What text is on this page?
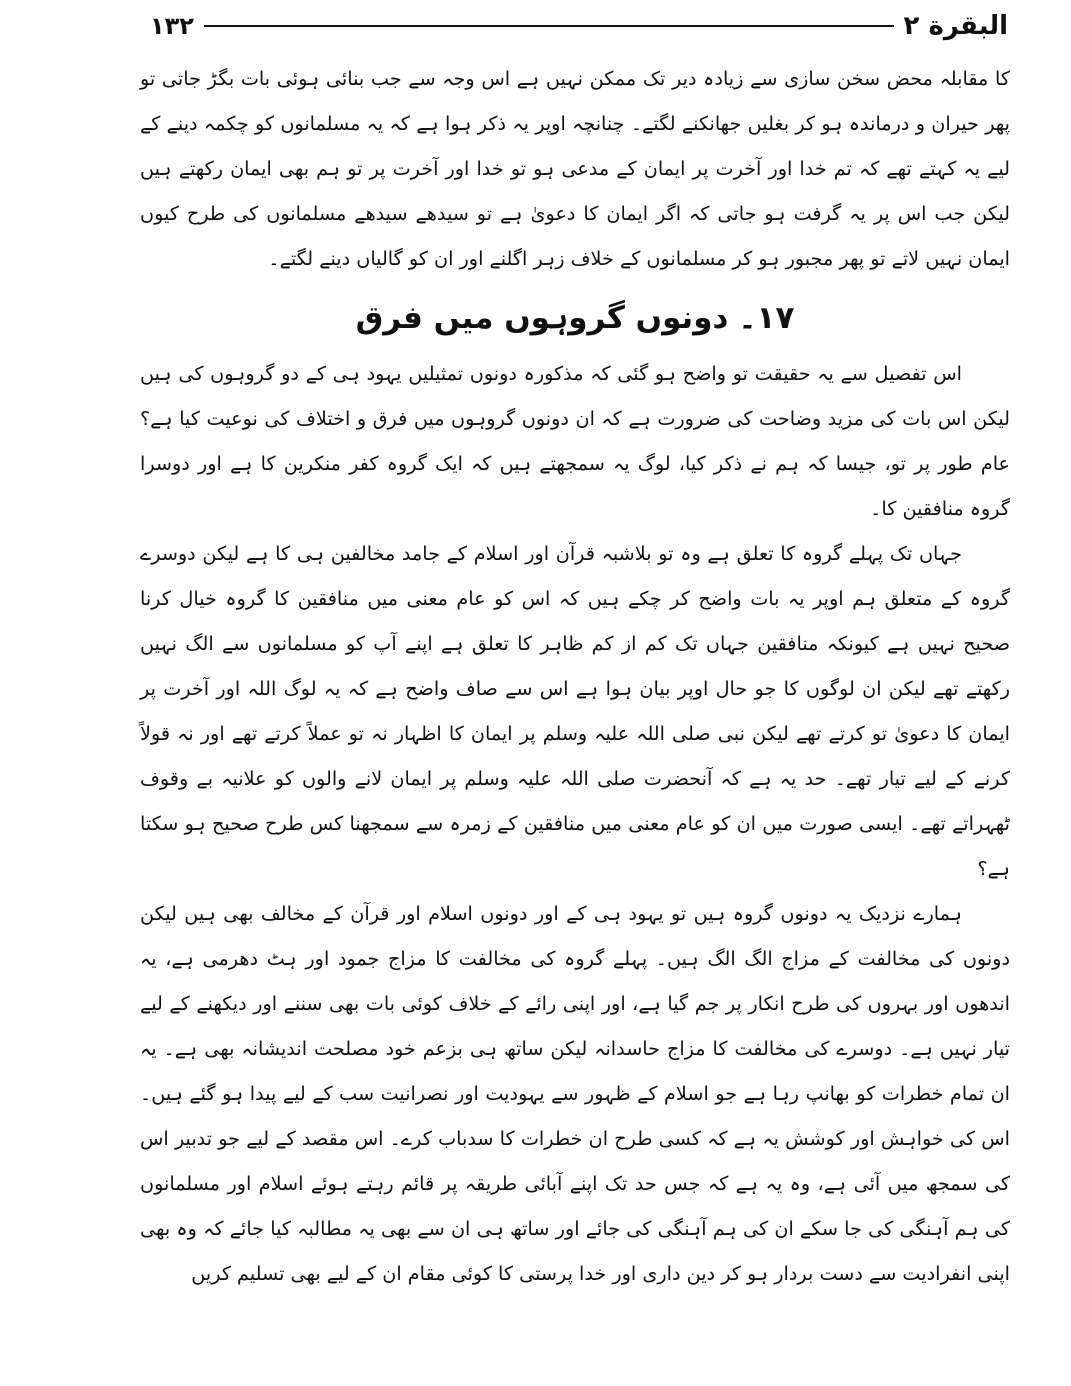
البقرة ۲
۱۳۲

کا مقابلہ محض سخن سازی سے زیادہ دیر تک ممکن نہیں ہے اس وجہ سے جب بنائی ہوئی بات بگڑ جاتی تو پھر حیران و درماندہ ہو کر بغلیں جھانکنے لگتے۔ چنانچہ اوپر یہ ذکر ہوا ہے کہ یہ مسلمانوں کو چکمہ دینے کے لیے یہ کہتے تھے کہ تم خدا اور آخرت پر ایمان کے مدعی ہو تو خدا اور آخرت پر تو ہم بھی ایمان رکھتے ہیں لیکن جب اس پر یہ گرفت ہو جاتی کہ اگر ایمان کا دعویٰ ہے تو سیدھے سیدھے مسلمانوں کی طرح کیوں ایمان نہیں لاتے تو پھر مجبور ہو کر مسلمانوں کے خلاف زہر اگلنے اور ان کو گالیاں دینے لگتے۔

۱۷۔دونوں گروہوں میں فرق

اس تفصیل سے یہ حقیقت تو واضح ہو گئی کہ مذکورہ دونوں تمثیلیں یہود ہی کے دو گروہوں کی ہیں لیکن اس بات کی مزید وضاحت کی ضرورت ہے کہ ان دونوں گروہوں میں فرق و اختلاف کی نوعیت کیا ہے؟ عام طور پر تو، جیسا کہ ہم نے ذکر کیا، لوگ یہ سمجھتے ہیں کہ ایک گروہ کفر منکرین کا ہے اور دوسرا گروہ منافقین کا۔

جہاں تک پہلے گروہ کا تعلق ہے وہ تو بلاشبہ قرآن اور اسلام کے جامد مخالفین ہی کا ہے لیکن دوسرے گروہ کے متعلق ہم اوپر یہ بات واضح کر چکے ہیں کہ اس کو عام معنی میں منافقین کا گروہ خیال کرنا صحیح نہیں ہے کیونکہ منافقین جہاں تک کم از کم ظاہر کا تعلق ہے اپنے آپ کو مسلمانوں سے الگ نہیں رکھتے تھے لیکن ان لوگوں کا جو حال اوپر بیان ہوا ہے اس سے صاف واضح ہے کہ یہ لوگ اللہ اور آخرت پر ایمان کا دعویٰ تو کرتے تھے لیکن نبی صلی اللہ علیہ وسلم پر ایمان کا اظہار نہ تو عملاً کرتے تھے اور نہ قولاً کرنے کے لیے تیار تھے۔ حد یہ ہے کہ آنحضرت صلی اللہ علیہ وسلم پر ایمان لانے والوں کو علانیہ بے وقوف ٹھہراتے تھے۔ ایسی صورت میں ان کو عام معنی میں منافقین کے زمرہ سے سمجھنا کس طرح صحیح ہو سکتا ہے؟

ہمارے نزدیک یہ دونوں گروہ ہیں تو یہود ہی کے اور دونوں اسلام اور قرآن کے مخالف بھی ہیں لیکن دونوں کی مخالفت کے مزاج الگ الگ ہیں۔ پہلے گروہ کی مخالفت کا مزاج جمود اور ہٹ دھرمی ہے، یہ اندھوں اور بہروں کی طرح انکار پر جم گیا ہے، اور اپنی رائے کے خلاف کوئی بات بھی سننے اور دیکھنے کے لیے تیار نہیں ہے۔ دوسرے کی مخالفت کا مزاج حاسدانہ لیکن ساتھ ہی بزعم خود مصلحت اندیشانہ بھی ہے۔ یہ ان تمام خطرات کو بھانپ رہا ہے جو اسلام کے ظہور سے یہودیت اور نصرانیت سب کے لیے پیدا ہو گئے ہیں۔ اس کی خواہش اور کوشش یہ ہے کہ کسی طرح ان خطرات کا سدباب کرے۔ اس مقصد کے لیے جو تدبیر اس کی سمجھ میں آئی ہے، وہ یہ ہے کہ جس حد تک اپنے آبائی طریقہ پر قائم رہتے ہوئے اسلام اور مسلمانوں کی ہم آہنگی کی جا سکے ان کی ہم آہنگی کی جائے اور ساتھ ہی ان سے بھی یہ مطالبہ کیا جائے کہ وہ بھی اپنی انفرادیت سے دست بردار ہو کر دین داری اور خدا پرستی کا کوئی مقام ان کے لیے بھی تسلیم کریں
